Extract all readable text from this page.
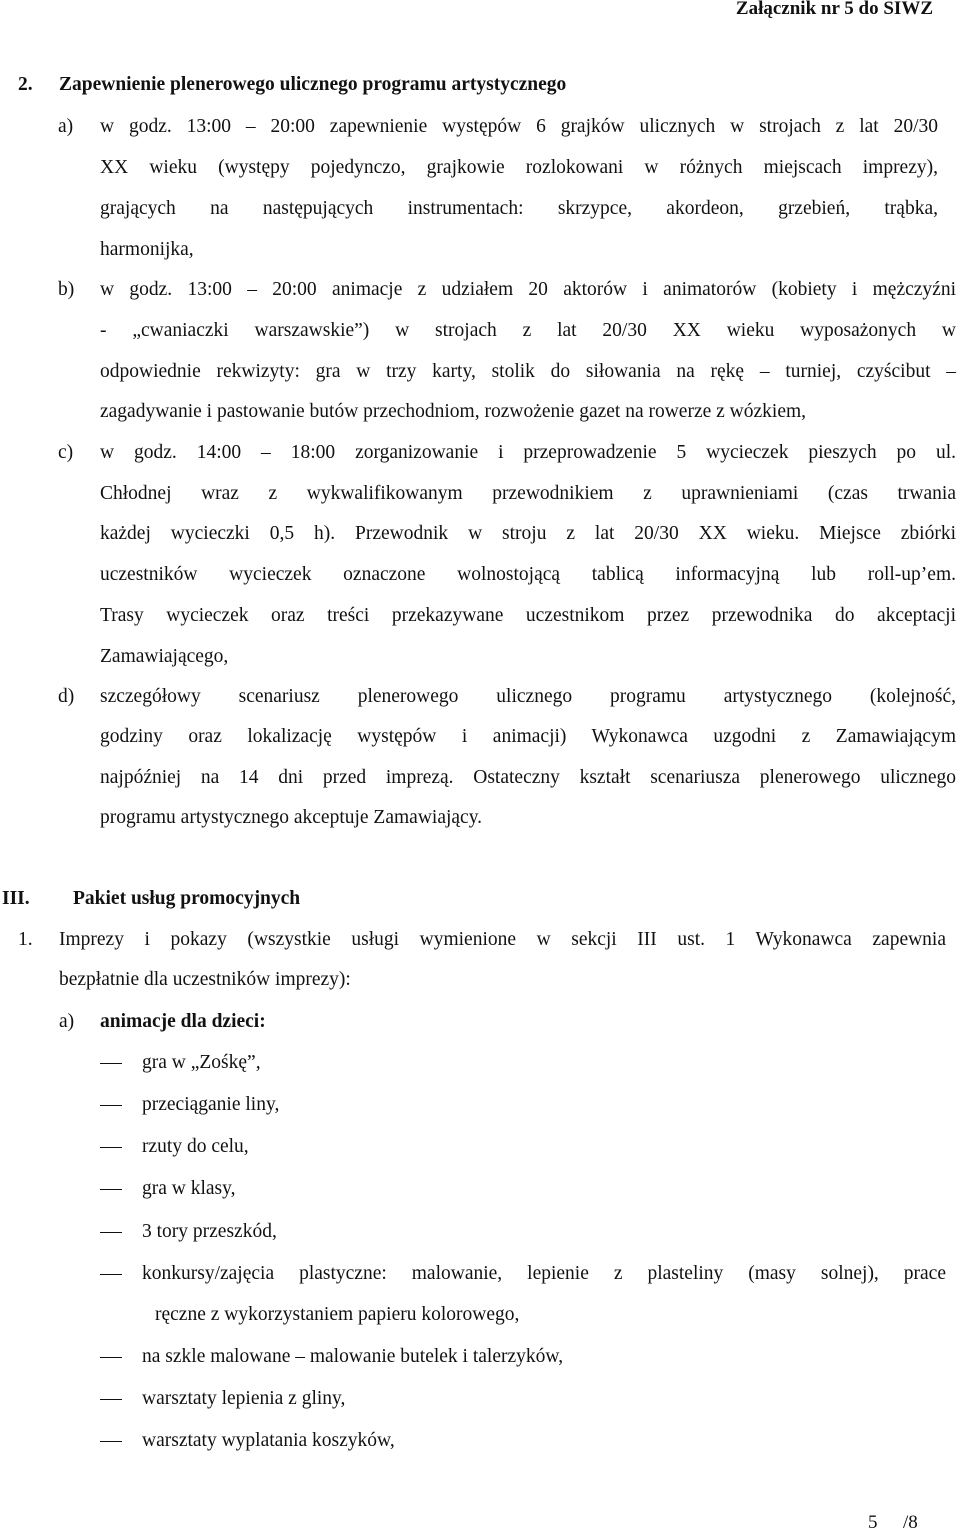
Załącznik nr 5 do SIWZ
2. Zapewnienie plenerowego ulicznego programu artystycznego
a) w godz. 13:00 – 20:00 zapewnienie występów 6 grajków ulicznych w strojach z lat 20/30
XX wieku (występy pojedynczo, grajkowie rozlokowani w różnych miejscach imprezy),
grających na następujących instrumentach: skrzypce, akordeon, grzebień, trąbka,
harmonijka,
b) w godz. 13:00 – 20:00 animacje z udziałem 20 aktorów i animatorów (kobiety i mężczyźni
- „cwaniaczki warszawskie”) w strojach z lat 20/30 XX wieku wyposażonych w
odpowiednie rekwizyty: gra w trzy karty, stolik do siłowania na rękę – turniej, czyścibut –
zagadywanie i pastowanie butów przechodniom, rozwożenie gazet na rowerze z wózkiem,
c) w godz. 14:00 – 18:00 zorganizowanie i przeprowadzenie 5 wycieczek pieszych po ul.
Chłodnej wraz z wykwalifikowanym przewodnikiem z uprawnieniami (czas trwania
każdej wycieczki 0,5 h). Przewodnik w stroju z lat 20/30 XX wieku. Miejsce zbiórki
uczestników wycieczek oznaczone wolnostojącą tablicą informacyjną lub roll-up’em.
Trasy wycieczek oraz treści przekazywane uczestnikom przez przewodnika do akceptacji
Zamawiającego,
d) szczegółowy scenariusz plenerowego ulicznego programu artystycznego (kolejność,
godziny oraz lokalizację występów i animacji) Wykonawca uzgodni z Zamawiającym
najpóźniej na 14 dni przed imprezą. Ostateczny kształt scenariusza plenerowego ulicznego
programu artystycznego akceptuje Zamawiający.
III. Pakiet usług promocyjnych
1. Imprezy i pokazy (wszystkie usługi wymienione w sekcji III ust. 1 Wykonawca zapewnia
bezpłatnie dla uczestników imprezy):
a) animacje dla dzieci:
gra w „Zośkę”,
przeciąganie liny,
rzuty do celu,
gra w klasy,
3 tory przeszkód,
konkursy/zajęcia plastyczne: malowanie, lepienie z plasteliny (masy solnej), prace
ręczne z wykorzystaniem papieru kolorowego,
na szkle malowane – malowanie butelek i talerzyków,
warsztaty lepienia z gliny,
warsztaty wyplatania koszyków,
5 /8
